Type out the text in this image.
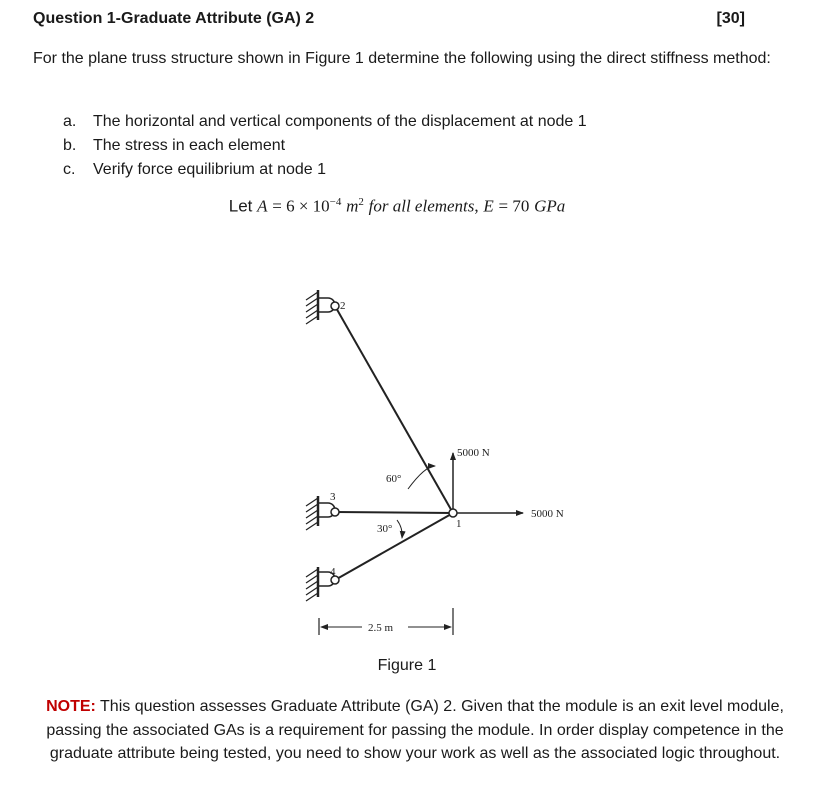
Question 1-Graduate Attribute (GA) 2	[30]
For the plane truss structure shown in Figure 1 determine the following using the direct stiffness method:
a.	The horizontal and vertical components of the displacement at node 1
b.	The stress in each element
c.	Verify force equilibrium at node 1
Let $A = 6 \times 10^{-4}$ $m^2$ for all elements, E = 70 GPa
2
3
4
1
60°
30°
5000 N
5000 N
2.5 m
Figure 1
NOTE: This question assesses Graduate Attribute (GA) 2. Given that the module is an exit level module, passing the associated GAs is a requirement for passing the module. In order display competence in the graduate attribute being tested, you need to show your work as well as the associated logic throughout.
